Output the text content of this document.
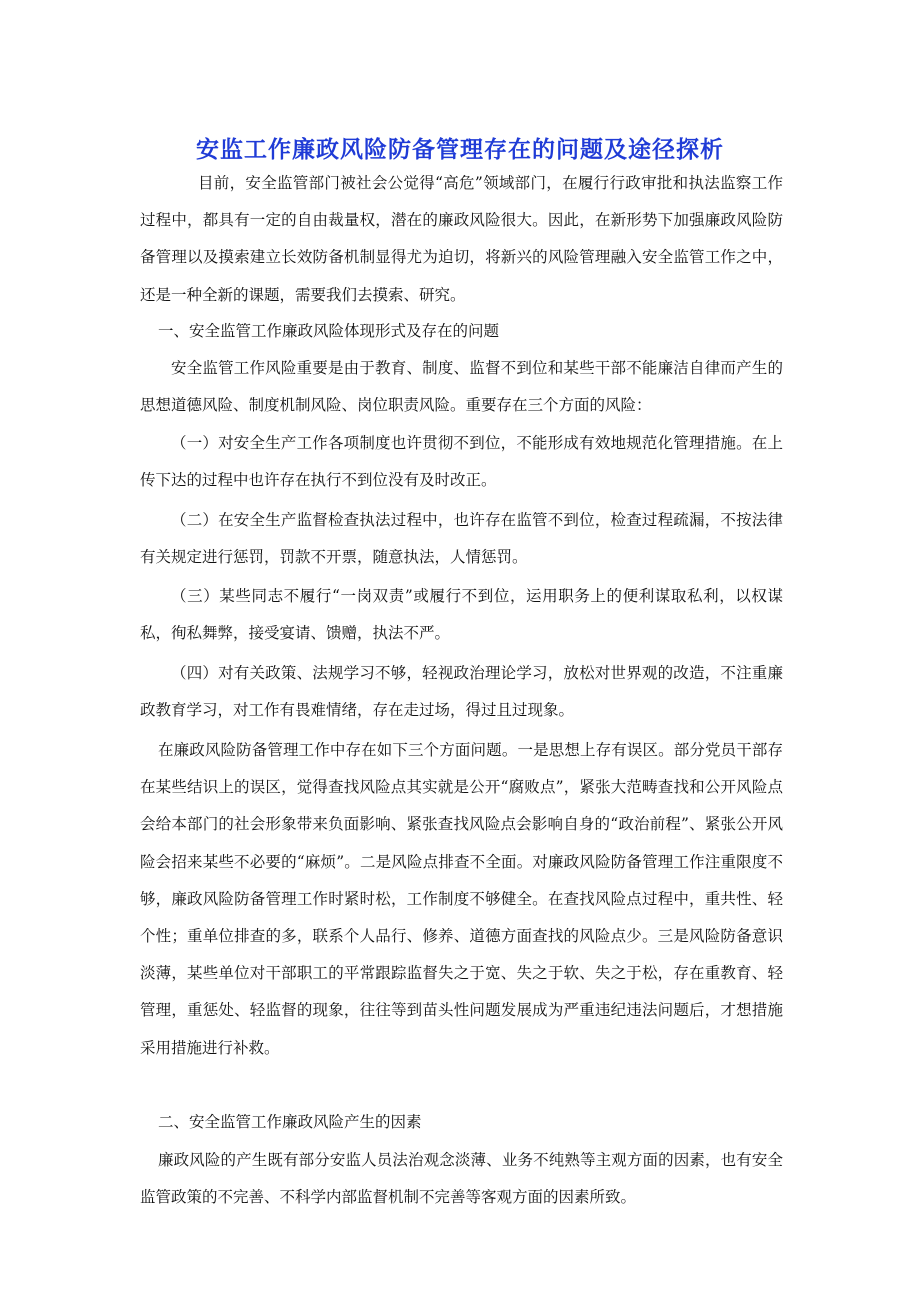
安监工作廉政风险防备管理存在的问题及途径探析

目前，安全监管部门被社会公觉得“高危”领域部门，在履行行政审批和执法监察工作过程中，都具有一定的自由裁量权，潜在的廉政风险很大。因此，在新形势下加强廉政风险防备管理以及摸索建立长效防备机制显得尤为迫切，将新兴的风险管理融入安全监管工作之中，还是一种全新的课题，需要我们去摸索、研究。

一、安全监管工作廉政风险体现形式及存在的问题

安全监管工作风险重要是由于教育、制度、监督不到位和某些干部不能廉洁自律而产生的思想道德风险、制度机制风险、岗位职责风险。重要存在三个方面的风险：

（一）对安全生产工作各项制度也许贯彻不到位，不能形成有效地规范化管理措施。在上传下达的过程中也许存在执行不到位没有及时改正。

（二）在安全生产监督检查执法过程中，也许存在监管不到位，检查过程疏漏，不按法律有关规定进行惩罚，罚款不开票，随意执法，人情惩罚。

（三）某些同志不履行“一岗双责”或履行不到位，运用职务上的便利谋取私利，以权谋私，徇私舞弊，接受宴请、馈赠，执法不严。

（四）对有关政策、法规学习不够，轻视政治理论学习，放松对世界观的改造，不注重廉政教育学习，对工作有畏难情绪，存在走过场，得过且过现象。

在廉政风险防备管理工作中存在如下三个方面问题。一是思想上存有误区。部分党员干部存在某些结识上的误区，觉得查找风险点其实就是公开“腐败点”，紧张大范畴查找和公开风险点会给本部门的社会形象带来负面影响、紧张查找风险点会影响自身的“政治前程”、紧张公开风险会招来某些不必要的“麻烦”。二是风险点排查不全面。对廉政风险防备管理工作注重限度不够，廉政风险防备管理工作时紧时松，工作制度不够健全。在查找风险点过程中，重共性、轻个性；重单位排查的多，联系个人品行、修养、道德方面查找的风险点少。三是风险防备意识淡薄，某些单位对干部职工的平常跟踪监督失之于宽、失之于软、失之于松，存在重教育、轻管理，重惩处、轻监督的现象，往往等到苗头性问题发展成为严重违纪违法问题后，才想措施采用措施进行补救。

二、安全监管工作廉政风险产生的因素

廉政风险的产生既有部分安监人员法治观念淡薄、业务不纯熟等主观方面的因素，也有安全监管政策的不完善、不科学内部监督机制不完善等客观方面的因素所致。
